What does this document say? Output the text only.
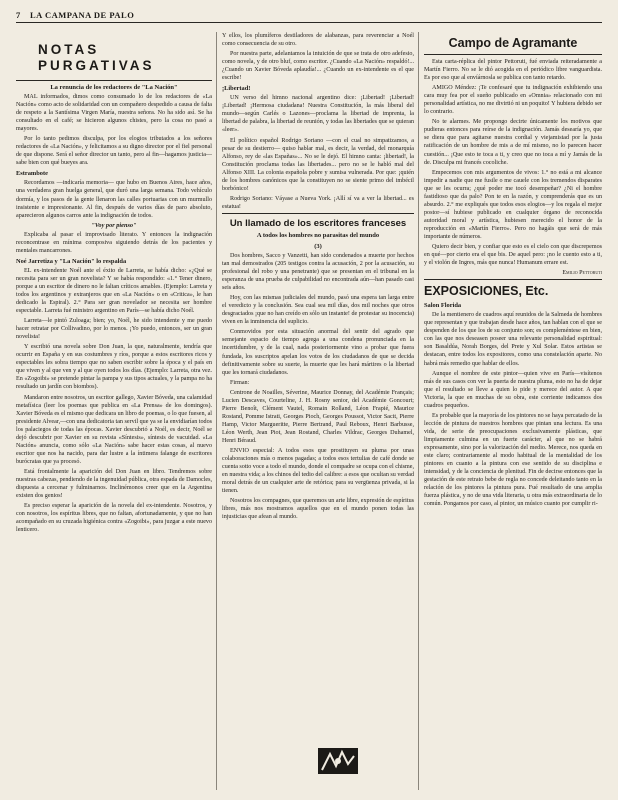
7 LA CAMPANA DE PALO
NOTAS PURGATIVAS
La renuncia de los redactores de "La Nación"

MAL informados, dimos como consumado lo de los redactores de «La Nación» como acto de solidaridad con un compañero despedido a causa de falta de respeto a la Santísima Virgen María, nuestra señora. No ha sido así. Se ha consultado en el café; se hicieron algunos chistes, pero la cosa no pasó a mayores.

Por lo tanto pedimos disculpa, por los elogios tributados a los señores redactores de «La Nación», y felicitamos a su digno director por el fiel personal de que dispone. Será el señor director un tanto, pero al fin—hagamos justicia—sabe bien con qué bueyes ara.

Estrambote

Recordamos —indicaría memoria— que hubo en Buenos Aires, hace años, una verdadera gran huelga general, que duró una larga semana. Todo vehículo dormía, y los pasos de la gente llenaron las calles portuarias con un murmullo insistente e impresionante. Al fin, después de varios días de paro absoluto, aparecieron algunos carros ante la indignación de todos.

"Voy por pienso"

Explicaba al pasar el improvisado literato. Y entonces la indignación reconcentrase en mínima composiva siguiendo detrás de los pacientes y mentales mancarrones.

Noé Jarretiza y "La Nación" lo respalda

EL ex-intendente Noél ante el éxito de Larreta, se había dicho: «¿Qué se necesita para ser un gran novelista? Y se había respondido: «1.° Tener dinero, porque a un escritor de dinero no le faltan críticos amables. (Ejemplo: Larreta y todos los argentinos y extranjeros que en «La Nación» o en «Critica», le han dedicado la Espiral). 2.° Para ser gran novelador se necesita ser hombre espectable. Larreta fué ministro argentino en París—se había dicho Noél.

Larreta—le pintó Zuloaga; bien; yo, Noél, he sido intendente y me puedo hacer retratar por Collivadino, por lo menos. ¡Yo puedo, entonces, ser un gran novelista!

Y escribió una novela sobre Don Juan, la que, naturalmente, tendría que ocurrir en España y en sus costumbres y ríos, porque a estos escritores ricos y espectables les sobra tiempo que no saben escribir sobre la época y el país en que viven y al que ven y al que oyen todos los días. (Ejemplo: Larreta, otra vez. En «Zogoibi» se pretende pintar la pampa y sus tipos actuales, y la pampa no ha resultado un jardín con biombos).

Mandaron entre nosotros, un escritor gallego, Xavier Bóveda, una calamidad metafísica (leer los poemas que publica en «La Prensa» de los domingos). Xavier Bóveda es el mismo que dedicara un libro de poemas, o lo que fuesen, al presidente Alvear,—con una dedicatoria tan servil que ya se la envidiarían todos los palaciegos de todas las épocas. Xavier descubrió a Noél, es decir, Noél se dejó descubrir por Xavier en su revista «Síntesis», síntesis de vacuidad. «La Nación» anuncia, como sólo «La Nación» sabe hacer estas cosas, al nuevo escritor que nos ha nacido, para dar lustre a la íntimera falange de escritores burócratas que ya procesó.

Está frontalmente la aparición del Don Juan en libro. Tendremos sobre nuestras cabezas, pendiendo de la ingenuidad pública, otra espada de Damocles, dispuesta a cercenar y fulminarnos. Inclinémonos creer que en la Argentina existen dos genios!

Es preciso esperar la aparición de la novela del ex-intendente. Nosotros, y con nosotros, los espíritus libres, que no faltan, afortunadamente, y que no han acompañado en su cruzada higiénica contra «Zogoibi», para juzgar a este nuevo lenticero.

Y ellos, los plumíferos destiladores de alabanzas, para reverenciar a Noél como consecuencia de su otro.

Por nuestra parte, adelantamos la intuición de que se trata de otro adefesio, como novela, y de otro bluf, como escritor. ¿Cuando «La Nación» respaldó!... ¿Cuando un Xavier Bóveda aplaudía!... ¿Cuando un ex-intendente es el que escribe!

¡Libertad!

UN verso del himno nacional argentino dice: ¡Libertad! ¡Libertad! ¡Libertad! ¡Hermosa ciudadana! Nuestra Constitución, la más liberal del mundo—según Carlés o Lazones—proclama la libertad de imprenta, la libertad de palabra, la libertad de reunión, y todas las libertades que se quieran «leer».

El político español Rodrigo Soriano —con el cual no simpatizamos, a pesar de su destierro— quiso hablar mal, es decir, la verdad, del monarquía Alfonso, rey de «las Españas»... No se le dejó. El himno canta: ¡libertad!, la Constitución proclama todas las libertades... pero no se le habló mal del Alfonso XIII. La colonia española pobre y sumisa vulnerada. Por que: ¡quién de los hombres canónicos que la constituyen no se siente primo del imbécil borbónico!

Rodrigo Soriano: Váyase a Nueva York. ¡Allí sí va a ver la libertad... es estatua!

Un llamado de los escritores franceses
A todos los hombres no parasitas del mundo
(3)

Dos hombres, Sacco y Vanzetti, han sido condenados a muerte por hechos tan mal demostrados (205 testigos contra la acusación, 2 por la acusación, su profesional del robo y una penetrante) que se presentan en el tribunal en la esperanza de una prueba de culpabilidad no encontrada aún—han pasado casi seis años.

Hoy, con las mismas judiciales del mundo, pasó una espera tan larga entre el veredicto y la conclusión. Sea cual sea mil días, dos mil noches que otros desgraciados ¡que no han creído en sólo un instante! de protestar su inocencia) viven en la inminencia del suplicio.

Conmovidos por esta situación anormal del sentir del agrado que semejante espacio de tiempo agrega a una condena pronunciada en la incertidumbre, y de la cual, nada posteriormente vino a probar que fuera fundada, los suscriptos apelan los votos de los ciudadanos de que se decida definitivamente sobre su suerte, la muerte que les hará mártires o la libertad que les tornará ciudadanos.

Firman:

Centrone de Noailles, Séverine, Maurice Donnay, del Académie Français; Lucien Descaves, Courteline, J. H. Rosny senior, del Académie Goncourt; Pierre Benoît, Clément Vautel, Romain Rolland, Léon Frapié, Maurice Rostand, Pomme Istrati, Georges Pioch, Georges Poussot, Victor Sacit, Pierre Hamp, Victor Margueritte, Pierre Bertrand, Paul Reboux, Henri Barbusse, Léon Werth, Jean Piot, Jean Rostand, Charles Vildrac, Georges Duhamel, Henri Béraud.

ENVIO especial: A todos esos que prostituyen su pluma por unas colaboraciones más o menos pagadas; a todos esos tertulias de café donde se cuenta sotto voce a todo el mundo, donde el compadre se ocupa con el chisme, en nuestra vida; a los chinos del tedio del calibre: a esos que ocultan su verdad moral detrás de un cualquier arte de retórica; para su vergüenza privada, si la tienen.

Nosotros los compagnes, que queremos un arte libre, expresión de espíritus libres, más nos mostramos aquellos que en el mundo ponen todas las injusticias que afean al mundo.

Campo de Agramante

Esta carta-réplica del pintor Pettoruti, fué enviada reiteradamente a Martín Fierro. No se le dió acogida en el periódico libre vanguardista. Es por eso que al envíárnosla se publica con tanto retardo.

AMIGO Méndez: ¡Te confesaré que tu indignación exhibiendo una cara muy fea por el sueño publicado en «Omnia» relacionado con mi personalidad artística, no me divirtió ni un poquito! Y hubiera debido ser lo contrario.

No te alarmes. Me propongo decirte únicamente los motivos que pudieras entonces para reírse de la indignación. Jamás desearía yo, que se diera que para agitarse nuestra cordial y viejamistad por la justa ratificación de un hombre de mis a de mí mismo, no lo parecen hacer cuestión... ¡Que esto te toca a ti, y creo que no toca a mí y Jamás de la de. Disculpa mi francés cocoliche.

Empecemos con mis argumentos de vivos: 1.° no está a mi alcance impedir a nadie que me fusile o me cauele con los tremendos disparates que se les ocurra; ¿qué poder me tocó desempeñar? ¿Ni el hombre fastidioso que da palo? Pon te en la razón, y comprenderás que es un absurdo. 2.° me expliqués que todos esos elogios—y los regala el mejor postor—sí hubiese publicado en cualquier órgano de reconocida autoridad moral y artística, hubiesen merecido el honor de la reproducción en «Martín Fierro». Pero no hagáis que será de más importante de números.

Quiero decir bien, y confiar que esto es el cielo con que discrepemos en qué—por cierto era el que bis. De aquel pero: ¡no le cuento esto a ti, y el violón de Ingres, más que nunca! Humanum errare est.

Emilio Pettoruti
EXPOSICIONES, Etc.
Salon Florida

De la mentienero de cuadros aquí reunidos de la Salmeda de hombres que representan y que trabajan desde hace años, tan hablan con el que se despenden de los que los de su conjunto son; es compleméntese en bien, con las que nos deseasen poseer una relevante personalidad espiritual: son Basaldúa, Norah Borges, del Prete y Xul Solar. Estos artistas se destacan, entre todos los expositores, como una constelación aparte. No habrá más remedio que hablar de ellos.

Aunque el nombre de este pintor—quien vive en París—visítenos más de sus casos con ver la puerta de nuestra pluma, esto no ha de dejar que el resultado se lleve a quien lo pide y merece del autor. A que Victoria, la que en muchas de su obra, este corriente indicamos dos cuadros pequeños.

Es probable que la mayoría de los pintores no se haya percatado de la lección de pintura de nuestros hombres que pintan una lectura. Es una vida, de serie de preocupaciones exclusivamente plásticas, que limpiamente culmina en un fuerte carácter, al que no se habrá expresamente, sino por la valorización del medio. Merece, nos queda en este claro; contrariamente al modo habitual de la mentalidad de los pintores en cuanto a la pintura con ese sentido de su disciplina e intensidad, y de la conciencia de plenitud. Fin de decirse entonces que la gestación de este retrato bebe de regla no concede deleitando tanto en la relación de los pintores la pintura pura. Fué resultado de una amplia fuerza plástica, y no de una vida literaria, u otra más extraordinaria de lo común. Pongamos por caso, al pintor, un músico cuanto por cumplir ri-
